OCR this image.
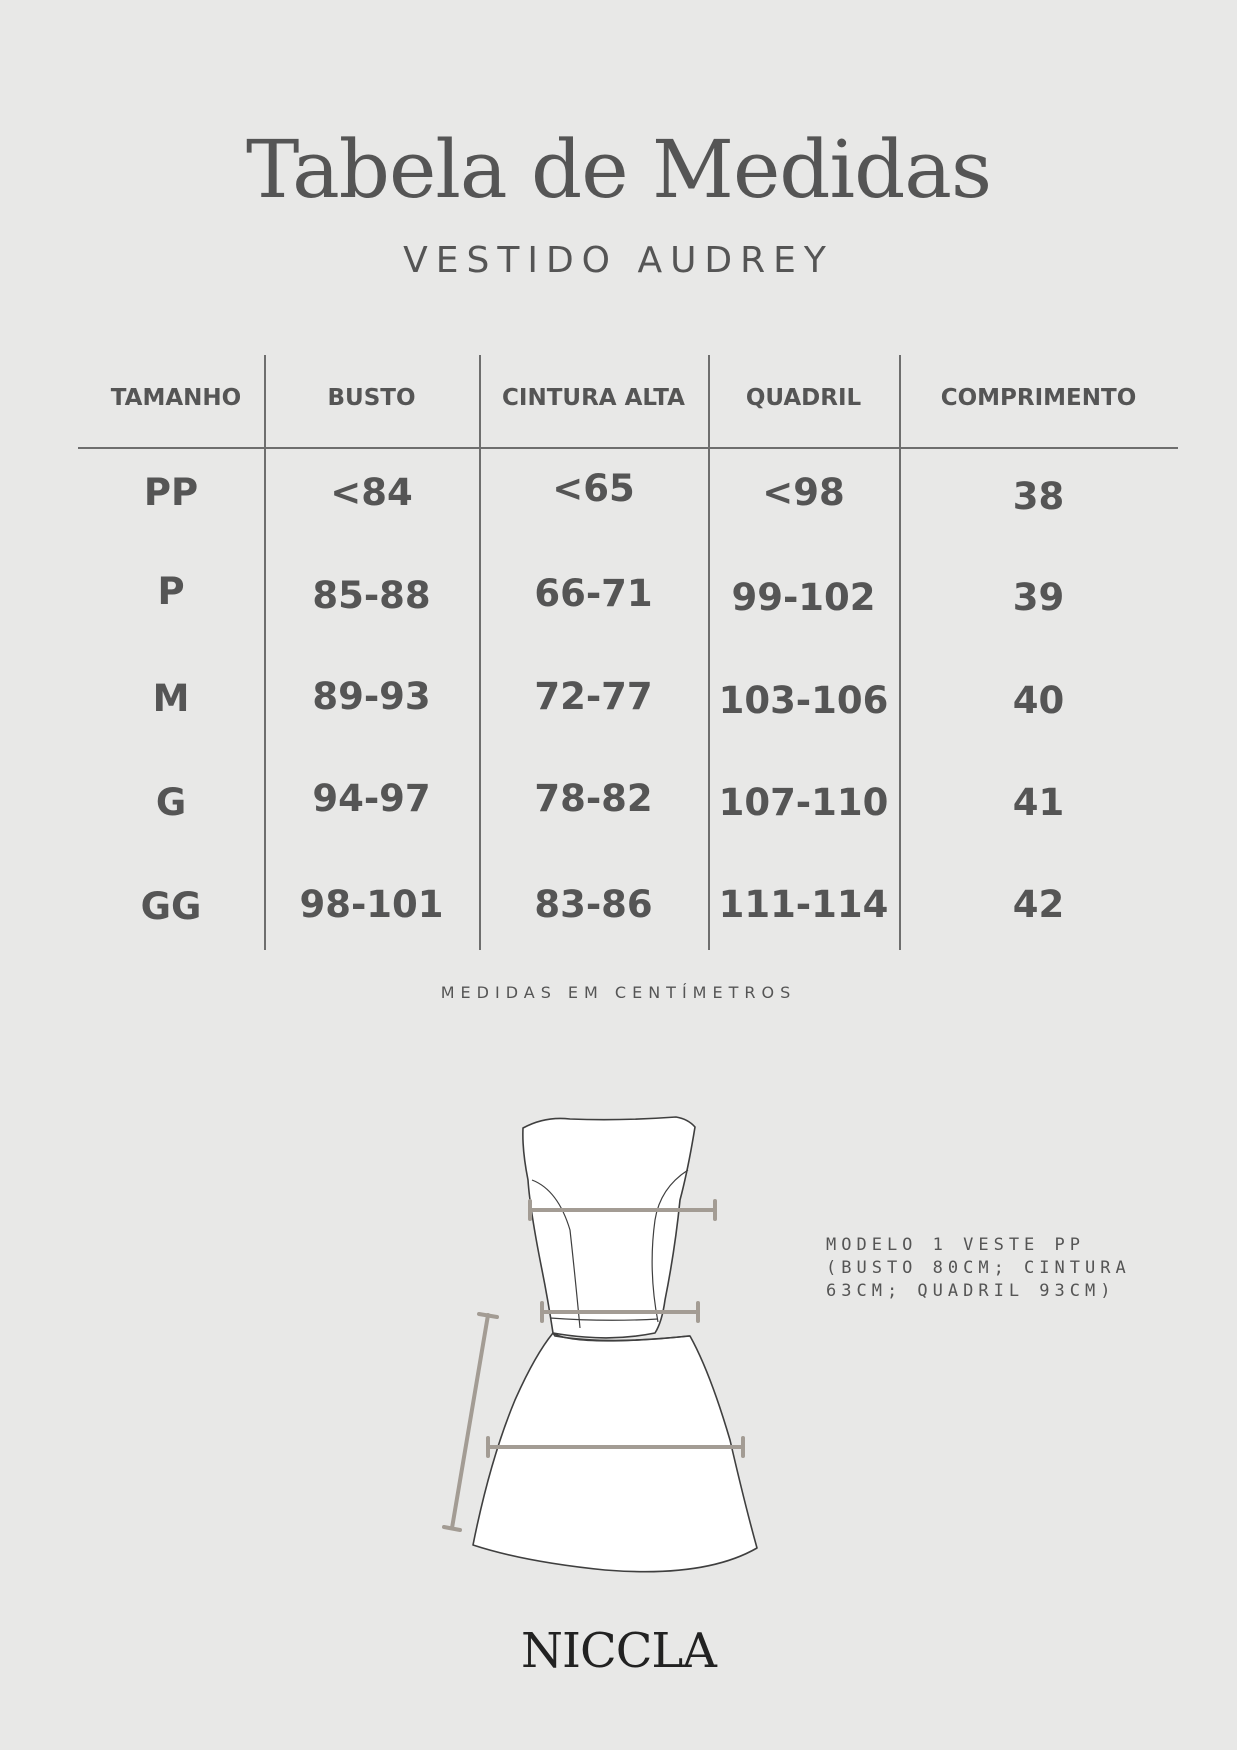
Tabela de Medidas
VESTIDO AUDREY
TAMANHO	BUSTO	CINTURA ALTA	QUADRIL	COMPRIMENTO
PP	<84	<65	<98	38
P	85-88	66-71	99-102	39
M	89-93	72-77	103-106	40
G	94-97	78-82	107-110	41
GG	98-101	83-86	111-114	42
MEDIDAS EM CENTÍMETROS
MODELO 1 VESTE PP
(BUSTO 80CM; CINTURA
63CM; QUADRIL 93CM)
NICCLA
